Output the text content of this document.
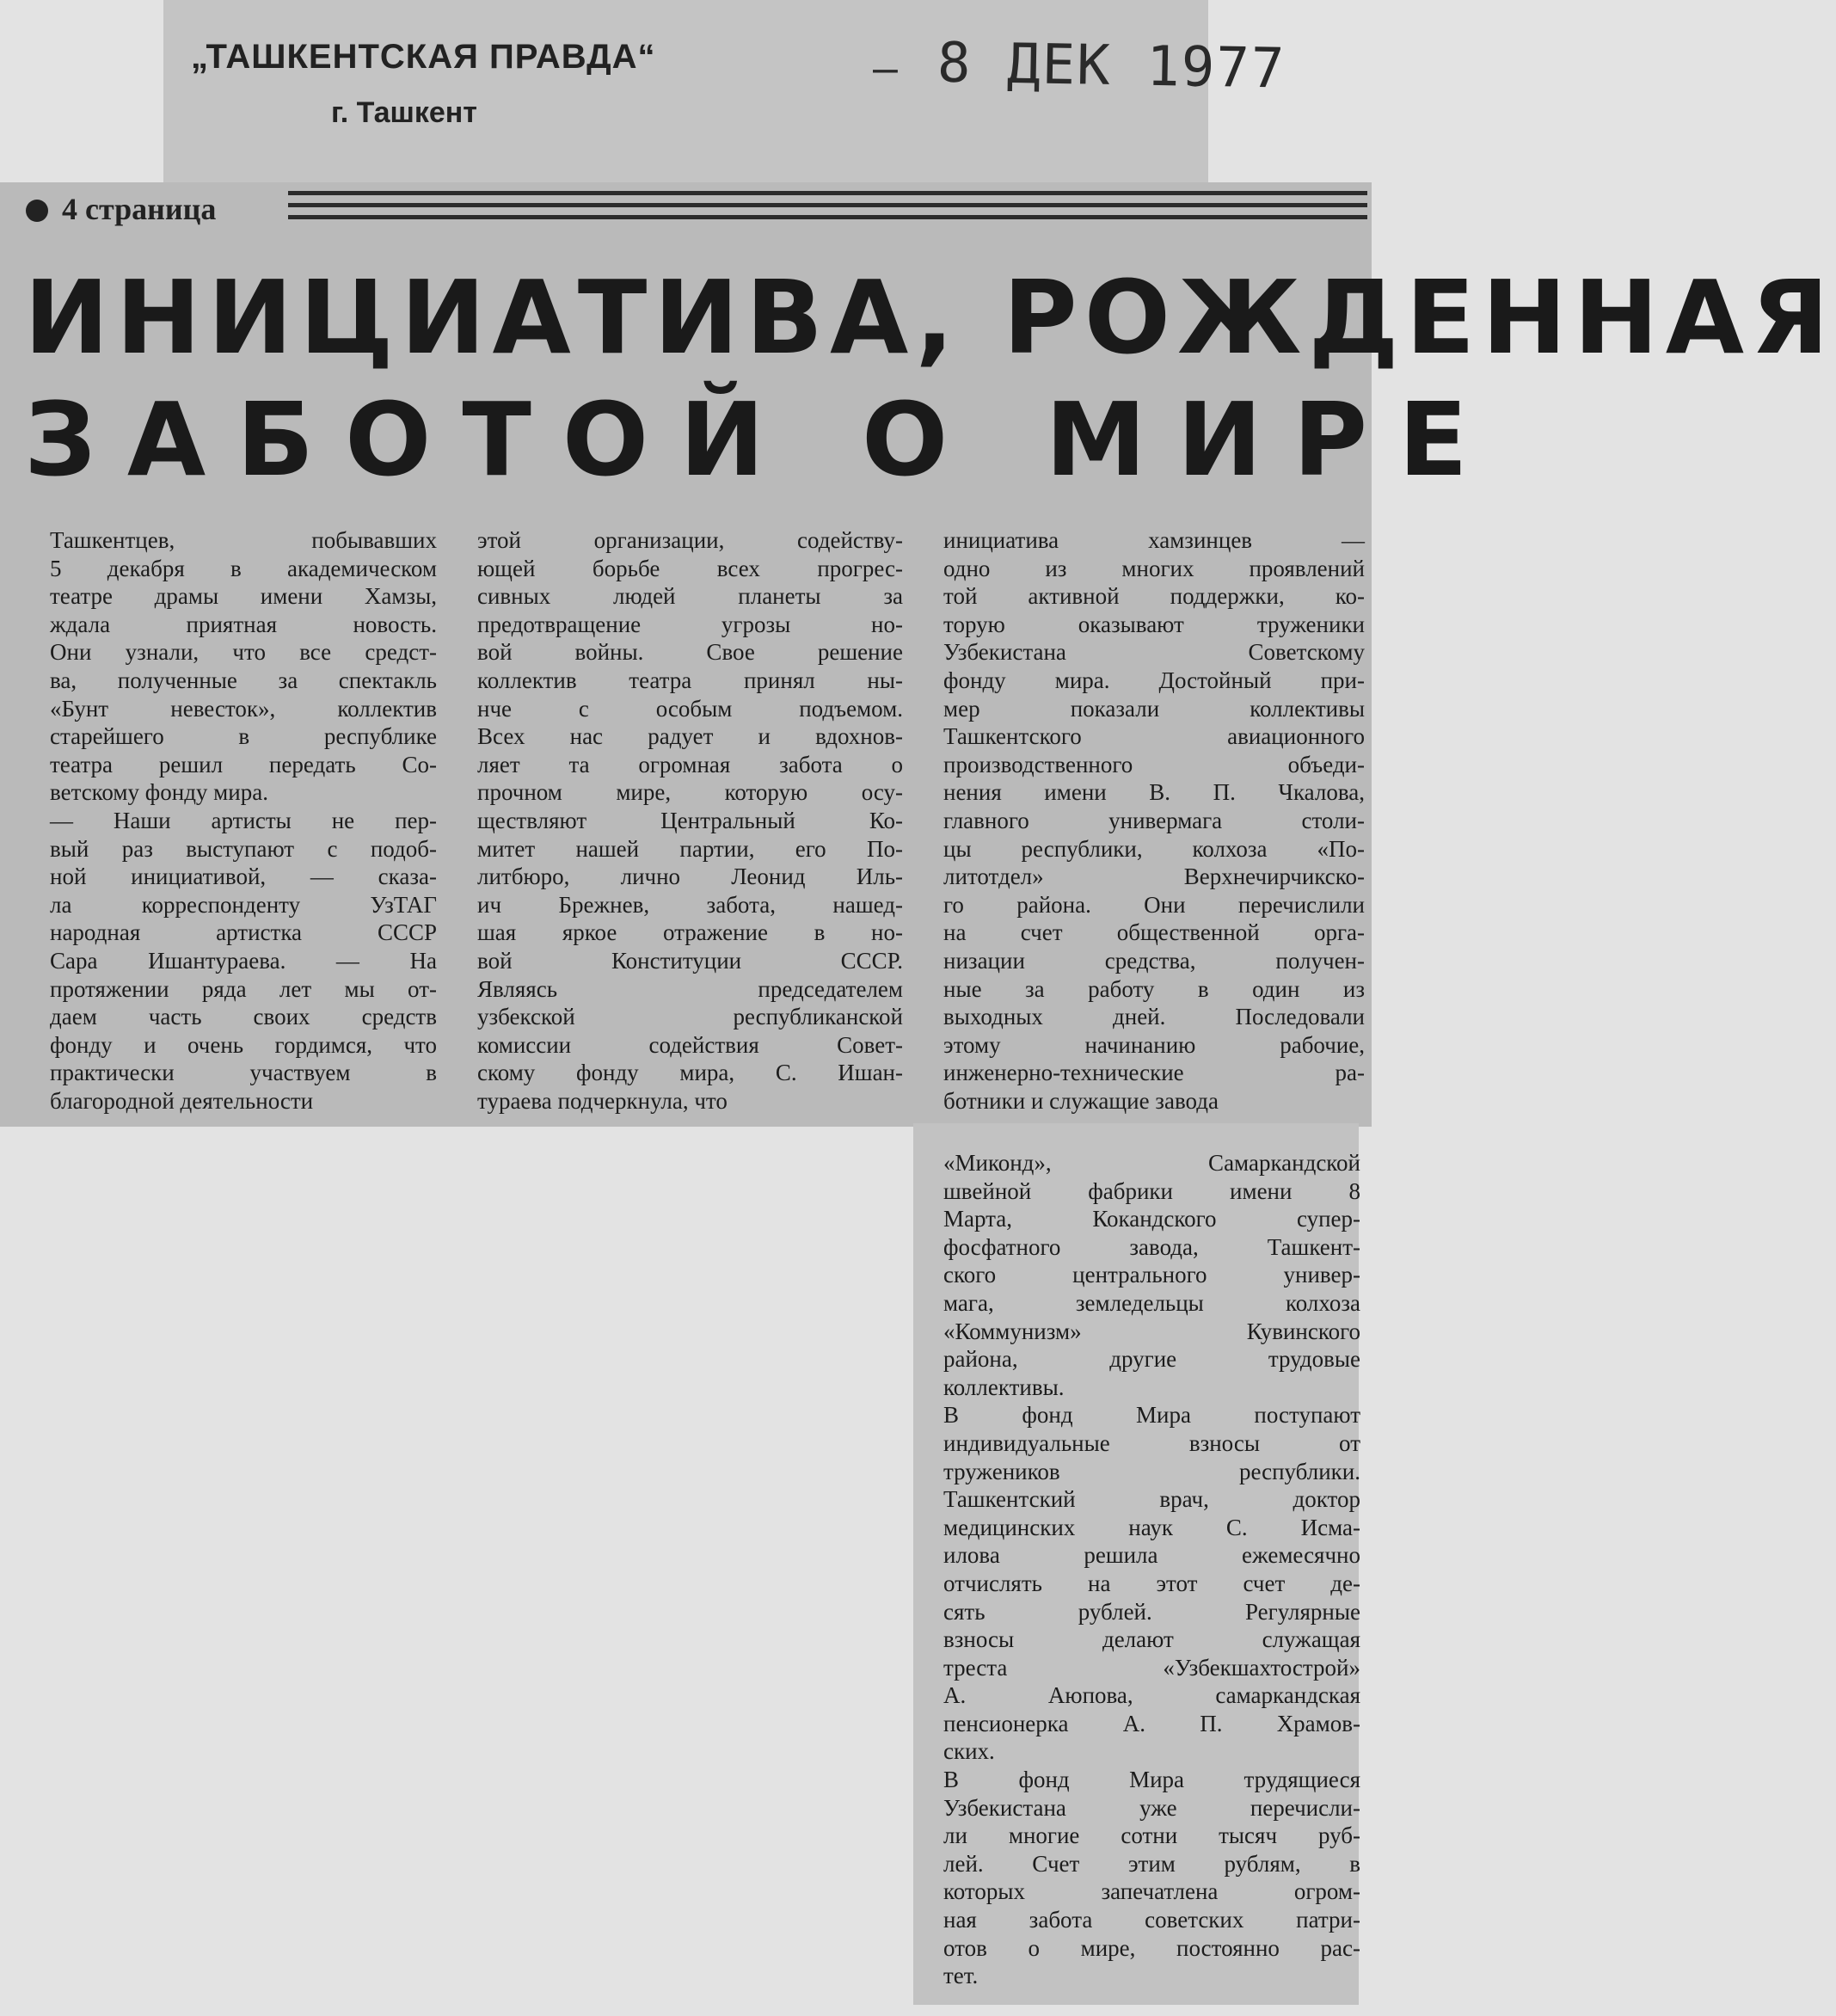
„ТАШКЕНТСКАЯ ПРАВДА“
г. Ташкент
— 8 ДЕК 1977
4 страница
ИНИЦИАТИВА, РОЖДЕННАЯ
ЗАБОТОЙ О МИРЕ
Ташкентцев, побывавших
5 декабря в академическом
театре драмы имени Хамзы,
ждала приятная новость.
Они узнали, что все средст-
ва, полученные за спектакль
«Бунт невесток», коллектив
старейшего в республике
театра решил передать Со-
ветскому фонду мира.
— Наши артисты не пер-
вый раз выступают с подоб-
ной инициативой, — сказа-
ла корреспонденту УзТАГ
народная артистка СССР
Сара Ишантураева. — На
протяжении ряда лет мы от-
даем часть своих средств
фонду и очень гордимся, что
практически участвуем в
благородной деятельности
этой организации, содейству-
ющей борьбе всех прогрес-
сивных людей планеты за
предотвращение угрозы но-
вой войны. Свое решение
коллектив театра принял ны-
нче с особым подъемом.
Всех нас радует и вдохнов-
ляет та огромная забота о
прочном мире, которую осу-
ществляют Центральный Ко-
митет нашей партии, его По-
литбюро, лично Леонид Иль-
ич Брежнев, забота, нашед-
шая яркое отражение в но-
вой Конституции СССР.
Являясь председателем
узбекской республиканской
комиссии содействия Совет-
скому фонду мира, С. Ишан-
тураева подчеркнула, что
инициатива хамзинцев —
одно из многих проявлений
той активной поддержки, ко-
торую оказывают труженики
Узбекистана Советскому
фонду мира. Достойный при-
мер показали коллективы
Ташкентского авиационного
производственного объеди-
нения имени В. П. Чкалова,
главного универмага столи-
цы республики, колхоза «По-
литотдел» Верхнечирчикско-
го района. Они перечислили
на счет общественной орга-
низации средства, получен-
ные за работу в один из
выходных дней. Последовали
этому начинанию рабочие,
инженерно-технические ра-
ботники и служащие завода
«Миконд», Самаркандской
швейной фабрики имени 8
Марта, Кокандского супер-
фосфатного завода, Ташкент-
ского центрального универ-
мага, земледельцы колхоза
«Коммунизм» Кувинского
района, другие трудовые
коллективы.
В фонд Мира поступают
индивидуальные взносы от
тружеников республики.
Ташкентский врач, доктор
медицинских наук С. Исма-
илова решила ежемесячно
отчислять на этот счет де-
сять рублей. Регулярные
взносы делают служащая
треста «Узбекшахтострой»
А. Аюпова, самаркандская
пенсионерка А. П. Храмов-
ских.
В фонд Мира трудящиеся
Узбекистана уже перечисли-
ли многие сотни тысяч руб-
лей. Счет этим рублям, в
которых запечатлена огром-
ная забота советских патри-
отов о мире, постоянно рас-
тет.
